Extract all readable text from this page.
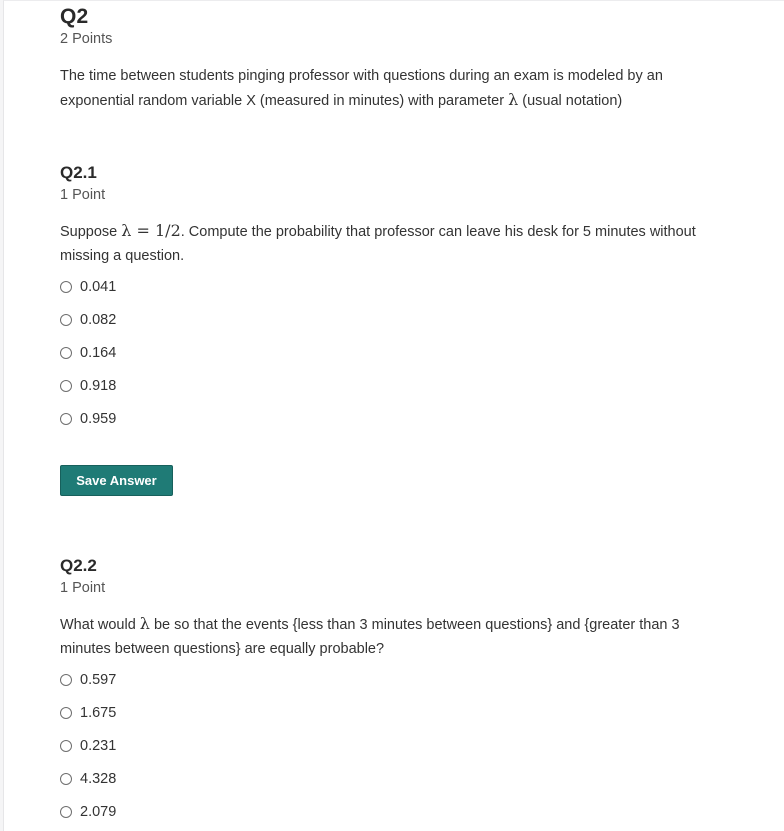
Q2
2 Points
The time between students pinging professor with questions during an exam is modeled by an exponential random variable X (measured in minutes) with parameter λ (usual notation)
Q2.1
1 Point
Suppose λ = 1/2. Compute the probability that professor can leave his desk for 5 minutes without missing a question.
0.041
0.082
0.164
0.918
0.959
Save Answer
Q2.2
1 Point
What would λ be so that the events {less than 3 minutes between questions} and {greater than 3 minutes between questions} are equally probable?
0.597
1.675
0.231
4.328
2.079
